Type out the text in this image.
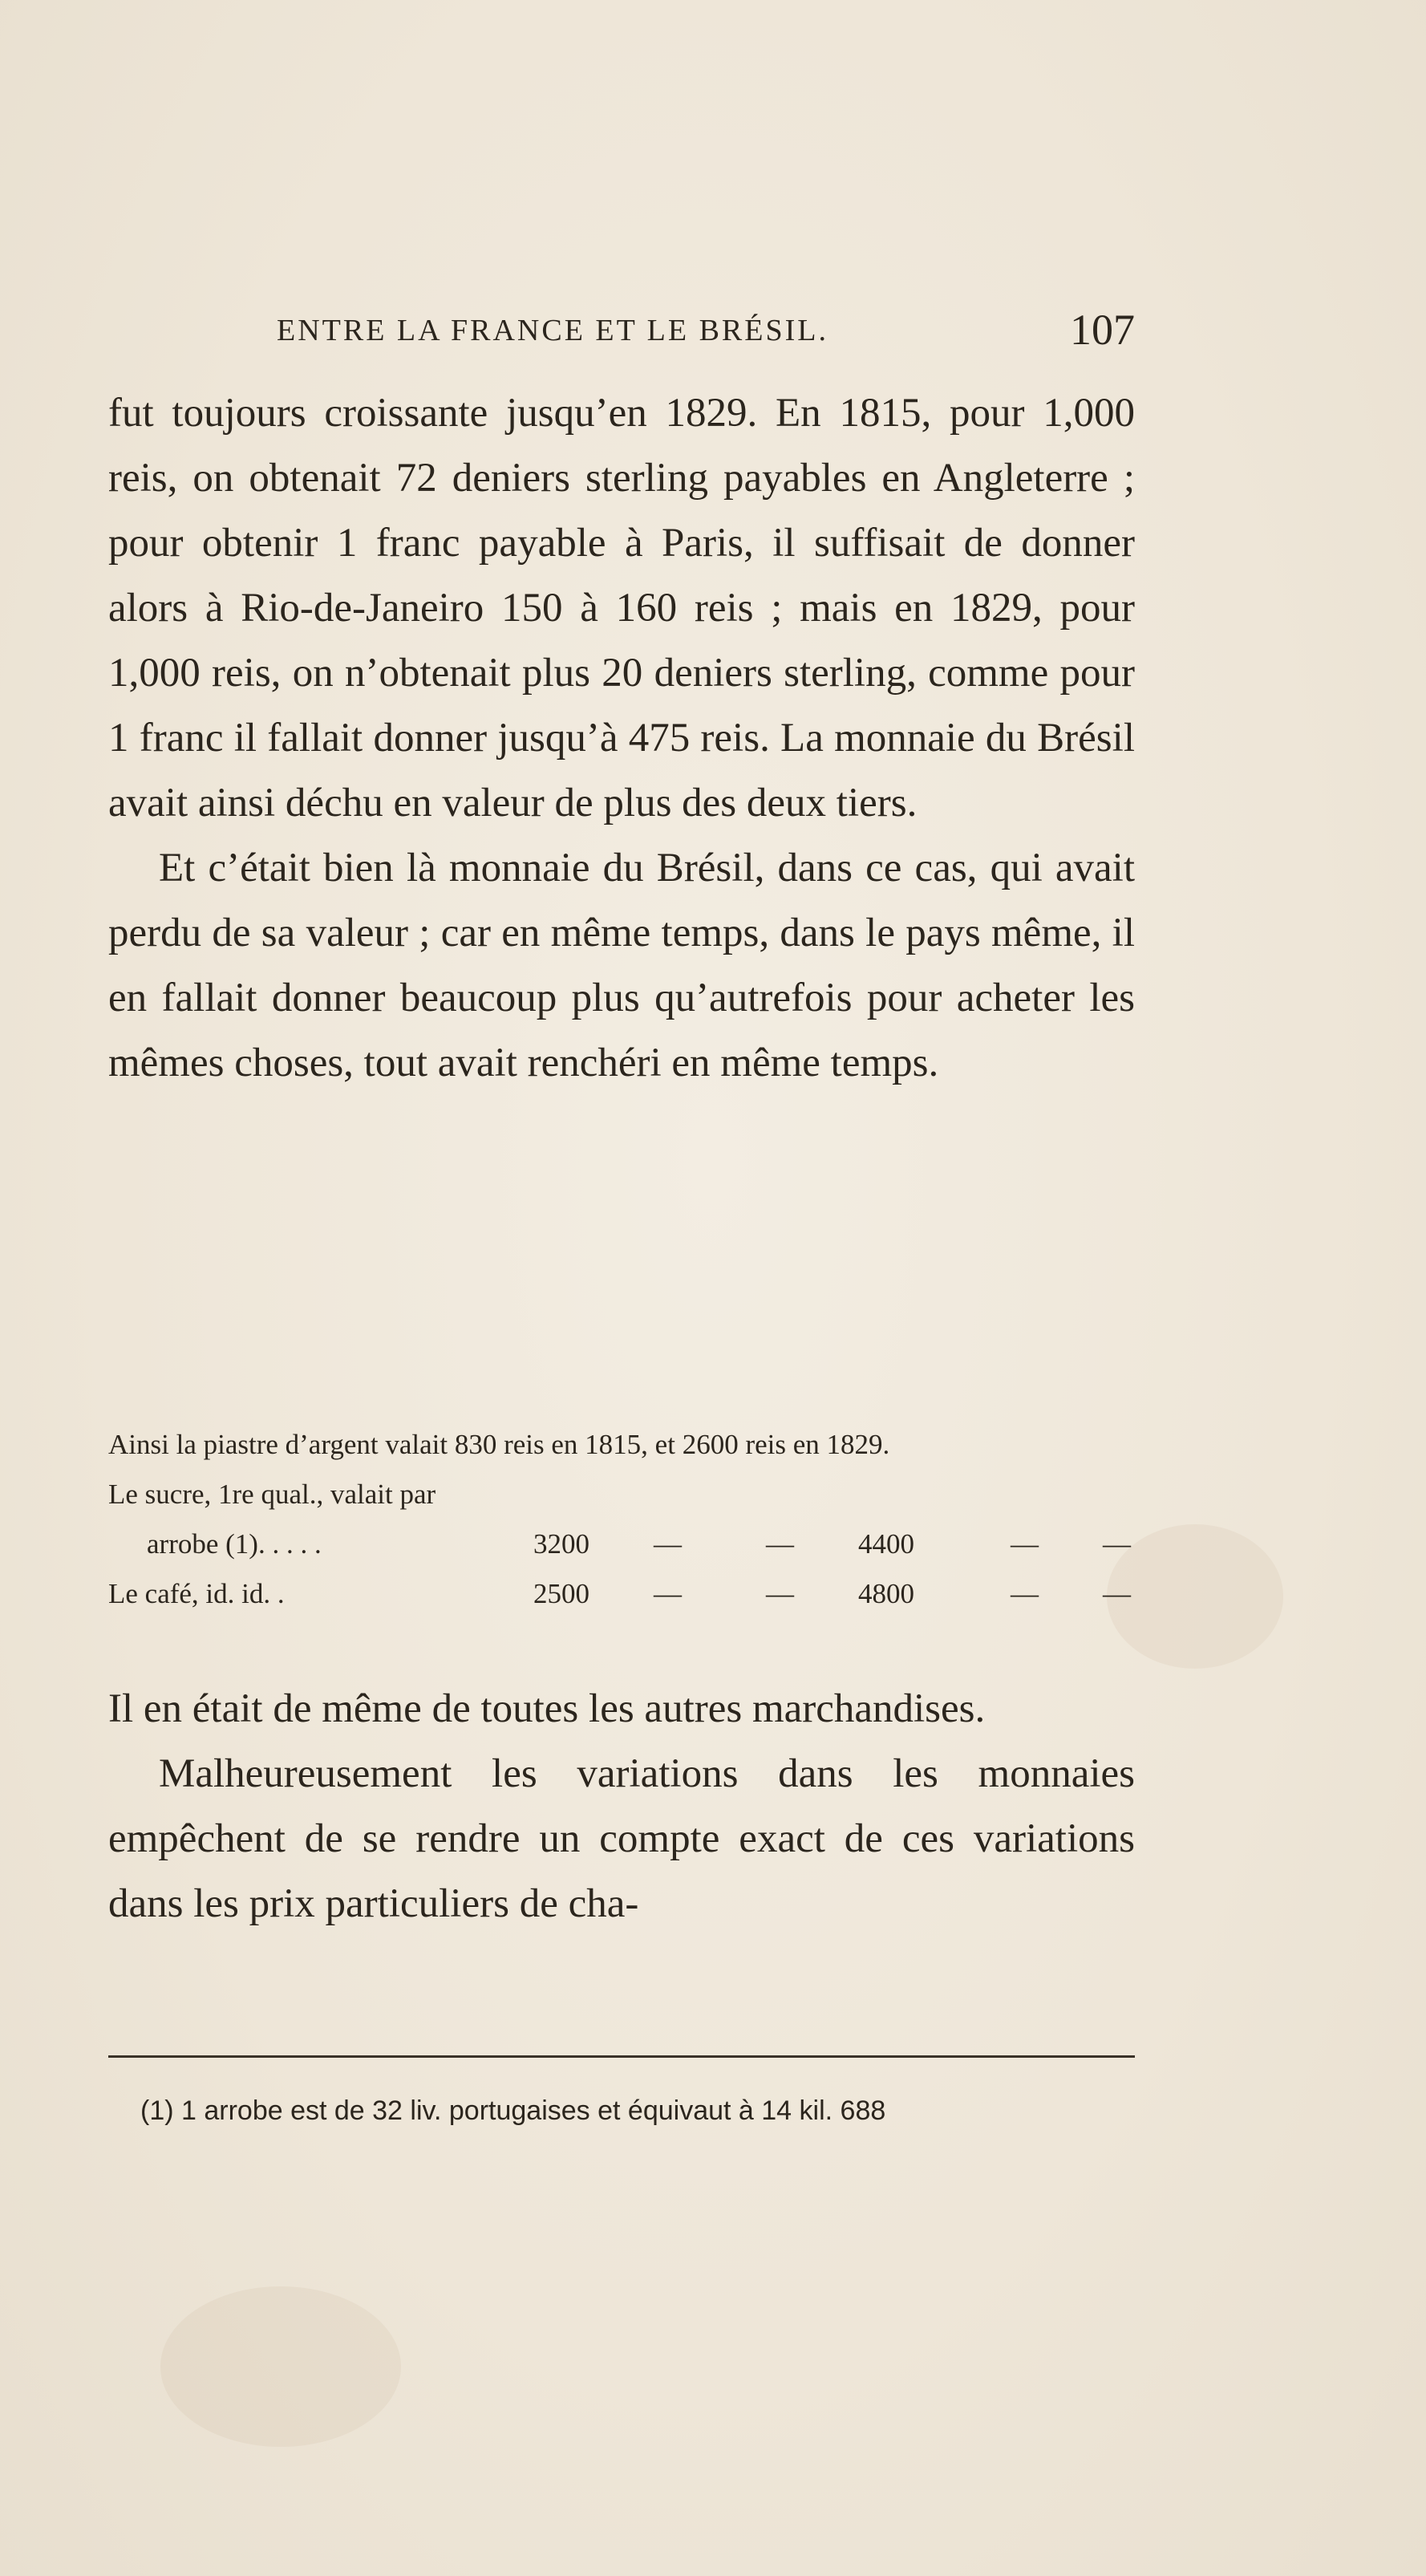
ENTRE LA FRANCE ET LE BRÉSIL.	107

fut toujours croissante jusqu’en 1829. En 1815, pour 1,000 reis, on obtenait 72 deniers sterling payables en Angleterre ; pour obtenir 1 franc payable à Paris, il suffisait de donner alors à Rio-de-Janeiro 150 à 160 reis ; mais en 1829, pour 1,000 reis, on n’obtenait plus 20 deniers sterling, comme pour 1 franc il fallait donner jusqu’à 475 reis. La monnaie du Brésil avait ainsi déchu en valeur de plus des deux tiers.

Et c’était bien là monnaie du Brésil, dans ce cas, qui avait perdu de sa valeur ; car en même temps, dans le pays même, il en fallait donner beaucoup plus qu’autrefois pour acheter les mêmes choses, tout avait renchéri en même temps.

Ainsi la piastre d’argent valait 830 reis en 1815, et 2600 reis en 1829.
Le sucre, 1re qual., valait par
arrobe (1). . . . .	3200 —	— 4400	— —
Le café, id. id. .	2500 —	— 4800	— —

Il en était de même de toutes les autres marchandises.

Malheureusement les variations dans les monnaies empêchent de se rendre un compte exact de ces variations dans les prix particuliers de cha-

(1) 1 arrobe est de 32 liv. portugaises et équivaut à 14 kil. 688
